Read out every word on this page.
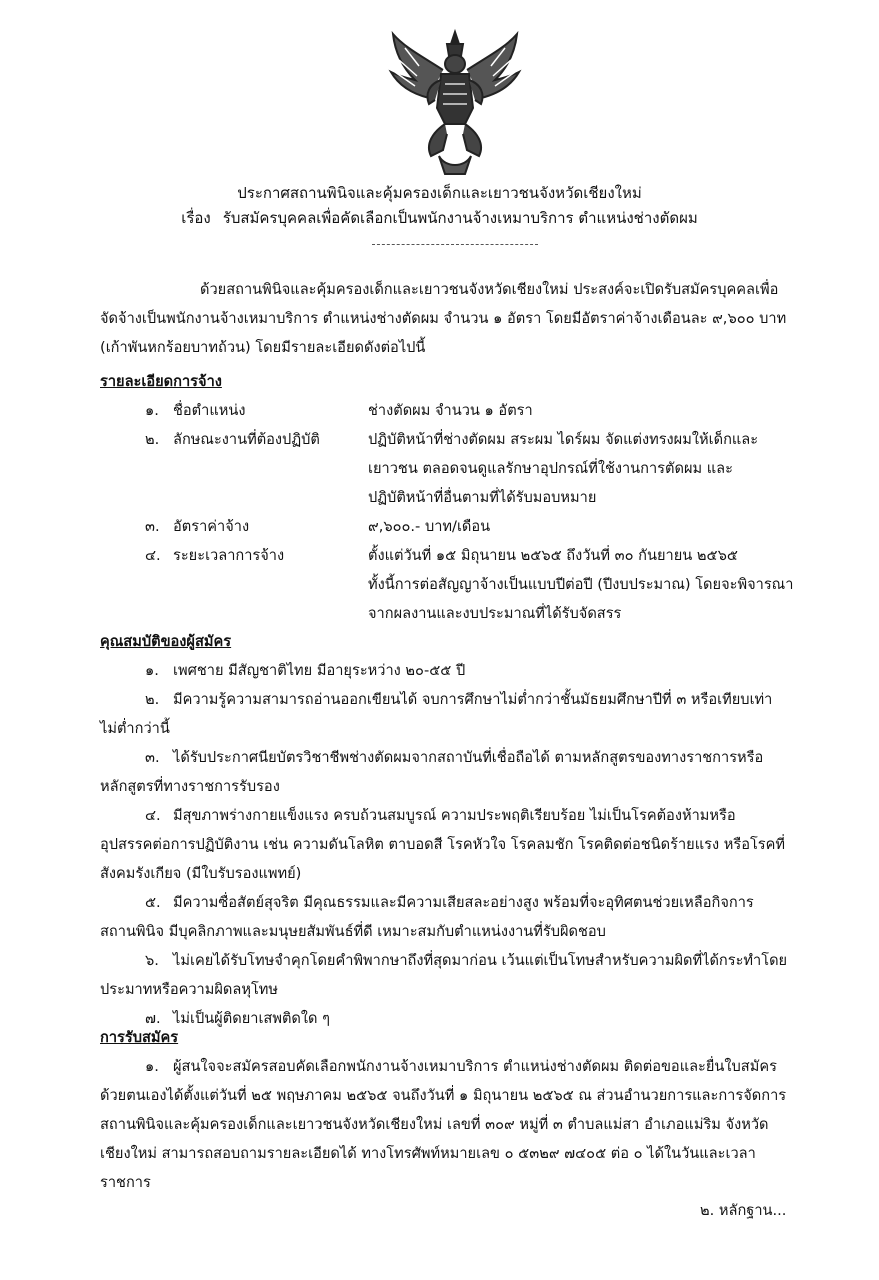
ประกาศสถานพินิจและคุ้มครองเด็กและเยาวชนจังหวัดเชียงใหม่
เรื่อง รับสมัครบุคคลเพื่อคัดเลือกเป็นพนักงานจ้างเหมาบริการ ตำแหน่งช่างตัดผม

ด้วยสถานพินิจและคุ้มครองเด็กและเยาวชนจังหวัดเชียงใหม่ ประสงค์จะเปิดรับสมัครบุคคลเพื่อ

จัดจ้างเป็นพนักงานจ้างเหมาบริการ ตำแหน่งช่างตัดผม จำนวน ๑ อัตรา โดยมีอัตราค่าจ้างเดือนละ ๙,๖๐๐ บาท

(เก้าพันหกร้อยบาทถ้วน) โดยมีรายละเอียดดังต่อไปนี้

รายละเอียดการจ้าง

๑. ชื่อตำแหน่ง	ช่างตัดผม จำนวน ๑ อัตรา
๒. ลักษณะงานที่ต้องปฏิบัติ	ปฏิบัติหน้าที่ช่างตัดผม สระผม ไดร์ผม จัดแต่งทรงผมให้เด็กและ
เยาวชน ตลอดจนดูแลรักษาอุปกรณ์ที่ใช้งานการตัดผม และ
ปฏิบัติหน้าที่อื่นตามที่ได้รับมอบหมาย
๓. อัตราค่าจ้าง	๙,๖๐๐.- บาท/เดือน
๔. ระยะเวลาการจ้าง	ตั้งแต่วันที่ ๑๕ มิถุนายน ๒๕๖๕ ถึงวันที่ ๓๐ กันยายน ๒๕๖๕
ทั้งนี้การต่อสัญญาจ้างเป็นแบบปีต่อปี (ปีงบประมาณ) โดยจะพิจารณา
จากผลงานและงบประมาณที่ได้รับจัดสรร

คุณสมบัติของผู้สมัคร

๑. เพศชาย มีสัญชาติไทย มีอายุระหว่าง ๒๐-๕๕ ปี

๒. มีความรู้ความสามารถอ่านออกเขียนได้ จบการศึกษาไม่ต่ำกว่าชั้นมัธยมศึกษาปีที่ ๓ หรือเทียบเท่า

ไม่ต่ำกว่านี้

๓. ได้รับประกาศนียบัตรวิชาชีพช่างตัดผมจากสถาบันที่เชื่อถือได้ ตามหลักสูตรของทางราชการหรือ

หลักสูตรที่ทางราชการรับรอง

๔. มีสุขภาพร่างกายแข็งแรง ครบถ้วนสมบูรณ์ ความประพฤติเรียบร้อย ไม่เป็นโรคต้องห้ามหรือ

อุปสรรคต่อการปฏิบัติงาน เช่น ความดันโลหิต ตาบอดสี โรคหัวใจ โรคลมชัก โรคติดต่อชนิดร้ายแรง หรือโรคที่

สังคมรังเกียจ (มีใบรับรองแพทย์)

๕. มีความซื่อสัตย์สุจริต มีคุณธรรมและมีความเสียสละอย่างสูง พร้อมที่จะอุทิศตนช่วยเหลือกิจการ

สถานพินิจ มีบุคลิกภาพและมนุษยสัมพันธ์ที่ดี เหมาะสมกับตำแหน่งงานที่รับผิดชอบ

๖. ไม่เคยได้รับโทษจำคุกโดยคำพิพากษาถึงที่สุดมาก่อน เว้นแต่เป็นโทษสำหรับความผิดที่ได้กระทำโดย

ประมาทหรือความผิดลหุโทษ

๗. ไม่เป็นผู้ติดยาเสพติดใด ๆ

การรับสมัคร

๑. ผู้สนใจจะสมัครสอบคัดเลือกพนักงานจ้างเหมาบริการ ตำแหน่งช่างตัดผม ติดต่อขอและยื่นใบสมัคร

ด้วยตนเองได้ตั้งแต่วันที่ ๒๕ พฤษภาคม ๒๕๖๕ จนถึงวันที่ ๑ มิถุนายน ๒๕๖๕ ณ ส่วนอำนวยการและการจัดการ

สถานพินิจและคุ้มครองเด็กและเยาวชนจังหวัดเชียงใหม่ เลขที่ ๓๐๙ หมู่ที่ ๓ ตำบลแม่สา อำเภอแม่ริม จังหวัด

เชียงใหม่ สามารถสอบถามรายละเอียดได้ ทางโทรศัพท์หมายเลข ๐ ๕๓๒๙ ๗๔๐๕ ต่อ ๐ ได้ในวันและเวลา

ราชการ

๒. หลักฐาน...
